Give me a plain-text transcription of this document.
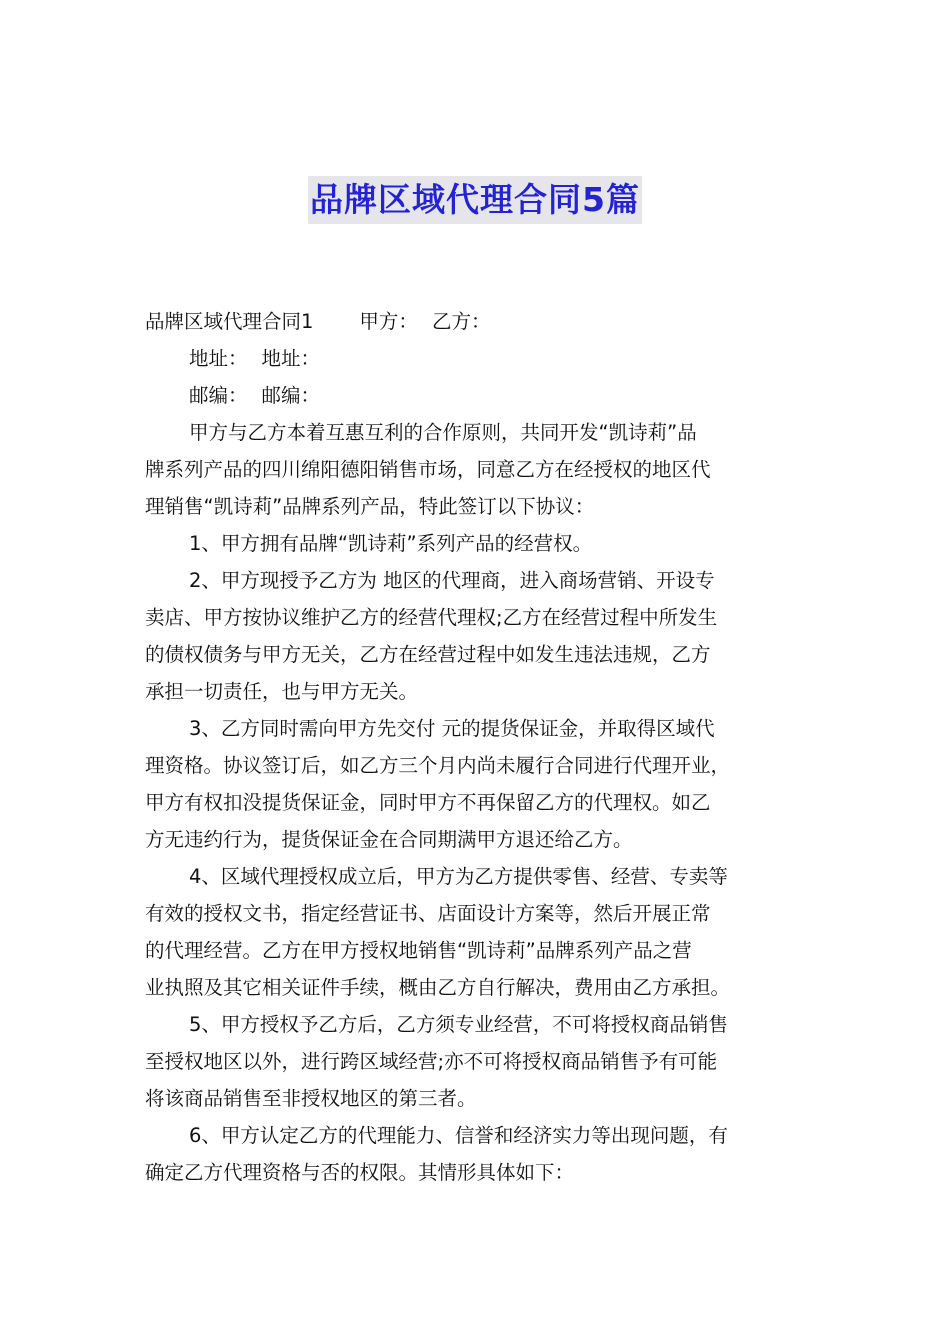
品牌区域代理合同5篇
品牌区域代理合同1 甲方： 乙方：
地址： 地址：
邮编： 邮编：
甲方与乙方本着互惠互利的合作原则，共同开发“凯诗莉”品
牌系列产品的四川绵阳德阳销售市场，同意乙方在经授权的地区代
理销售“凯诗莉”品牌系列产品，特此签订以下协议：
1、甲方拥有品牌“凯诗莉”系列产品的经营权。
2、甲方现授予乙方为 地区的代理商，进入商场营销、开设专
卖店、甲方按协议维护乙方的经营代理权;乙方在经营过程中所发生
的债权债务与甲方无关，乙方在经营过程中如发生违法违规，乙方
承担一切责任，也与甲方无关。
3、乙方同时需向甲方先交付 元的提货保证金，并取得区域代
理资格。协议签订后，如乙方三个月内尚未履行合同进行代理开业，
甲方有权扣没提货保证金，同时甲方不再保留乙方的代理权。如乙
方无违约行为，提货保证金在合同期满甲方退还给乙方。
4、区域代理授权成立后，甲方为乙方提供零售、经营、专卖等
有效的授权文书，指定经营证书、店面设计方案等，然后开展正常
的代理经营。乙方在甲方授权地销售“凯诗莉”品牌系列产品之营
业执照及其它相关证件手续，概由乙方自行解决，费用由乙方承担。
5、甲方授权予乙方后，乙方须专业经营，不可将授权商品销售
至授权地区以外，进行跨区域经营;亦不可将授权商品销售予有可能
将该商品销售至非授权地区的第三者。
6、甲方认定乙方的代理能力、信誉和经济实力等出现问题，有
确定乙方代理资格与否的权限。其情形具体如下：
